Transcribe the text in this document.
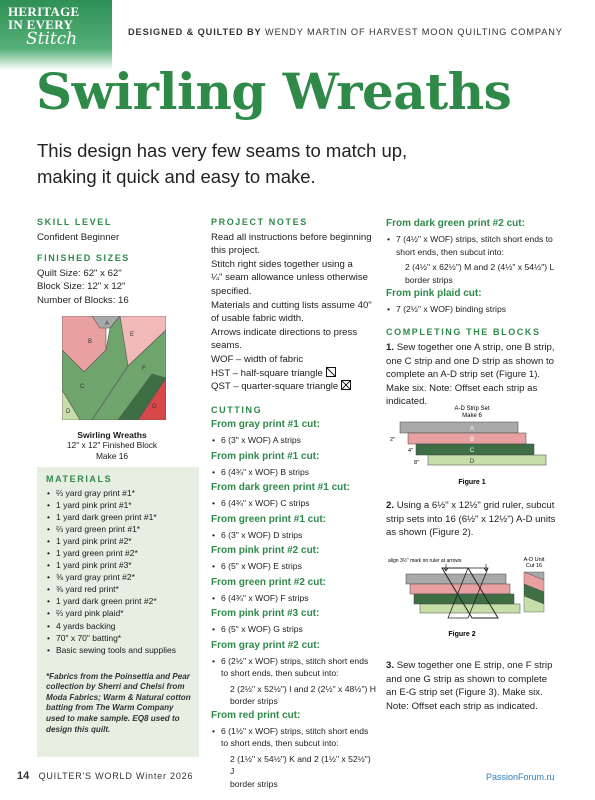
HERITAGE
IN EVERY
Stitch	DESIGNED & QUILTED BY WENDY MARTIN OF HARVEST MOON QUILTING COMPANY
Swirling Wreaths
This design has very few seams to match up,
making it quick and easy to make.
SKILL LEVEL
Confident Beginner
FINISHED SIZES
Quilt Size: 62" x 62"
Block Size: 12" x 12"
Number of Blocks: 16
A
B
C
D
E
F
G
Swirling Wreaths
12" x 12" Finished Block
Make 16
MATERIALS
• ⅔ yard gray print #1*
• 1 yard pink print #1*
• 1 yard dark green print #1*
• ⅔ yard green print #1*
• 1 yard pink print #2*
• 1 yard green print #2*
• 1 yard pink print #3*
• ⅜ yard gray print #2*
• ⅜ yard red print*
• 1 yard dark green print #2*
• ⅔ yard pink plaid*
• 4 yards backing
• 70" x 70" batting*
• Basic sewing tools and supplies
*Fabrics from the Poinsettia and Pear collection by Sherri and Chelsi from Moda Fabrics; Warm & Natural cotton batting from The Warm Company used to make sample. EQ8 used to design this quilt.
PROJECT NOTES
Read all instructions before beginning
this project.
Stitch right sides together using a
¼" seam allowance unless otherwise
specified.
Materials and cutting lists assume 40"
of usable fabric width.
Arrows indicate directions to press
seams.
WOF – width of fabric
HST – half-square triangle
QST – quarter-square triangle
CUTTING
From gray print #1 cut:
• 6 (3" x WOF) A strips
From pink print #1 cut:
• 6 (4¾" x WOF) B strips
From dark green print #1 cut:
• 6 (4¾" x WOF) C strips
From green print #1 cut:
• 6 (3" x WOF) D strips
From pink print #2 cut:
• 6 (5" x WOF) E strips
From green print #2 cut:
• 6 (4¾" x WOF) F strips
From pink print #3 cut:
• 6 (5" x WOF) G strips
From gray print #2 cut:
• 6 (2½" x WOF) strips, stitch short ends to short ends, then subcut into:
2 (2½" x 52½") I and 2 (2½" x 48½") H
border strips
From red print cut:
• 6 (1½" x WOF) strips, stitch short ends to short ends, then subcut into:
2 (1½" x 54½") K and 2 (1½" x 52½") J
border strips
From dark green print #2 cut:
• 7 (4½" x WOF) strips, stitch short ends to short ends, then subcut into:
2 (4½" x 62½") M and 2 (4½" x 54½") L
border strips
From pink plaid cut:
• 7 (2½" x WOF) binding strips
COMPLETING THE BLOCKS
1. Sew together one A strip, one B strip, one C strip and one D strip as shown to complete an A-D strip set (Figure 1). Make six. Note: Offset each strip as indicated.
A-D Strip Set
Make 6
A
B
C
D
2"
4"
8"
Figure 1
2. Using a 6½" x 12½" grid ruler, subcut strip sets into 16 (6½" x 12½") A-D units as shown (Figure 2).
align 3½" mark on ruler at arrows	A-D Unit
Cut 16
Figure 2
3. Sew together one E strip, one F strip and one G strip as shown to complete an E-G strip set (Figure 3). Make six. Note: Offset each strip as indicated.
14 QUILTER'S WORLD Winter 2026	PassionForum.ru
